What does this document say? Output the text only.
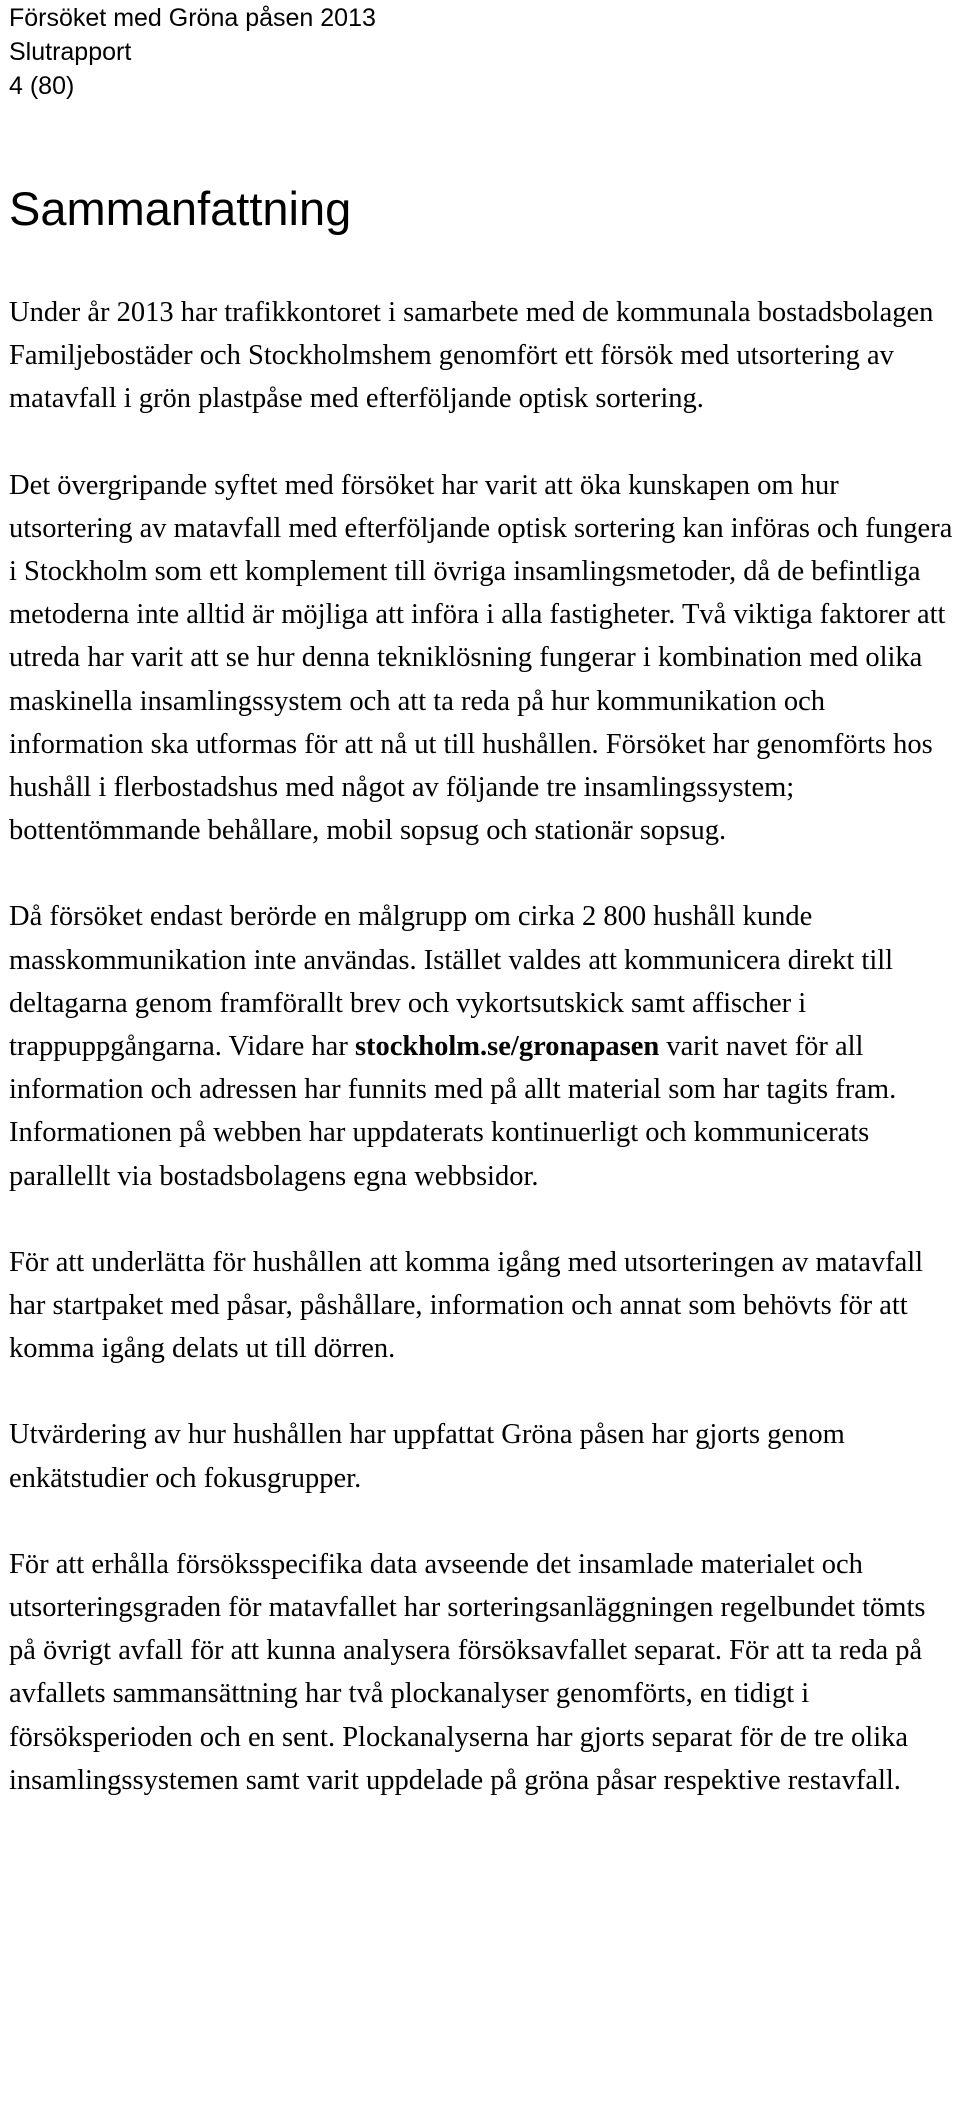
Försöket med Gröna påsen 2013
Slutrapport
4 (80)
Sammanfattning

Under år 2013 har trafikkontoret i samarbete med de kommunala bostadsbolagen Familjebostäder och Stockholmshem genomfört ett försök med utsortering av matavfall i grön plastpåse med efterföljande optisk sortering.

Det övergripande syftet med försöket har varit att öka kunskapen om hur utsortering av matavfall med efterföljande optisk sortering kan införas och fungera i Stockholm som ett komplement till övriga insamlingsmetoder, då de befintliga metoderna inte alltid är möjliga att införa i alla fastigheter. Två viktiga faktorer att utreda har varit att se hur denna tekniklösning fungerar i kombination med olika maskinella insamlingssystem och att ta reda på hur kommunikation och information ska utformas för att nå ut till hushållen. Försöket har genomförts hos hushåll i flerbostadshus med något av följande tre insamlingssystem; bottentömmande behållare, mobil sopsug och stationär sopsug.

Då försöket endast berörde en målgrupp om cirka 2 800 hushåll kunde masskommunikation inte användas. Istället valdes att kommunicera direkt till deltagarna genom framförallt brev och vykortsutskick samt affischer i trappuppgångarna. Vidare har stockholm.se/gronapasen varit navet för all information och adressen har funnits med på allt material som har tagits fram. Informationen på webben har uppdaterats kontinuerligt och kommunicerats parallellt via bostadsbolagens egna webbsidor.

För att underlätta för hushållen att komma igång med utsorteringen av matavfall har startpaket med påsar, påshållare, information och annat som behövts för att komma igång delats ut till dörren.

Utvärdering av hur hushållen har uppfattat Gröna påsen har gjorts genom enkätstudier och fokusgrupper.

För att erhålla försöksspecifika data avseende det insamlade materialet och utsorteringsgraden för matavfallet har sorteringsanläggningen regelbundet tömts på övrigt avfall för att kunna analysera försöksavfallet separat. För att ta reda på avfallets sammansättning har två plockanalyser genomförts, en tidigt i försöksperioden och en sent. Plockanalyserna har gjorts separat för de tre olika insamlingssystemen samt varit uppdelade på gröna påsar respektive restavfall.
